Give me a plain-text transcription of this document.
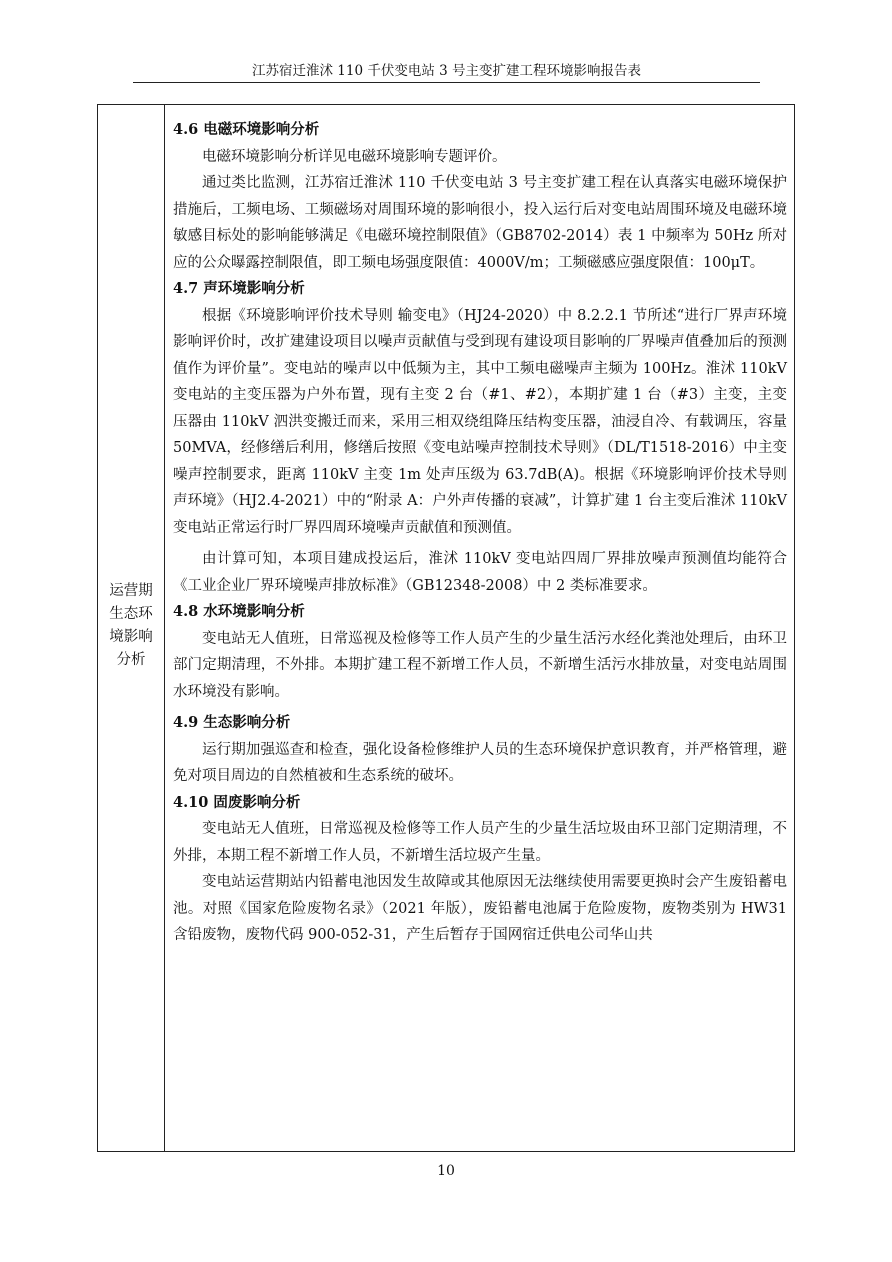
江苏宿迁淮沭 110 千伏变电站 3 号主变扩建工程环境影响报告表
运营期
生态环
境影响
分析

4.6 电磁环境影响分析

电磁环境影响分析详见电磁环境影响专题评价。

通过类比监测，江苏宿迁淮沭 110 千伏变电站 3 号主变扩建工程在认真落实电磁环境保护措施后，工频电场、工频磁场对周围环境的影响很小，投入运行后对变电站周围环境及电磁环境敏感目标处的影响能够满足《电磁环境控制限值》（GB8702-2014）表 1 中频率为 50Hz 所对应的公众曝露控制限值，即工频电场强度限值：4000V/m；工频磁感应强度限值：100μT。

4.7 声环境影响分析

根据《环境影响评价技术导则 输变电》（HJ24-2020）中 8.2.2.1 节所述“进行厂界声环境影响评价时，改扩建建设项目以噪声贡献值与受到现有建设项目影响的厂界噪声值叠加后的预测值作为评价量”。变电站的噪声以中低频为主，其中工频电磁噪声主频为 100Hz。淮沭 110kV 变电站的主变压器为户外布置，现有主变 2 台（#1、#2），本期扩建 1 台（#3）主变，主变压器由 110kV 泗洪变搬迁而来，采用三相双绕组降压结构变压器，油浸自冷、有载调压，容量 50MVA，经修缮后利用，修缮后按照《变电站噪声控制技术导则》（DL/T1518-2016）中主变噪声控制要求，距离 110kV 主变 1m 处声压级为 63.7dB(A)。根据《环境影响评价技术导则 声环境》（HJ2.4-2021）中的“附录 A：户外声传播的衰减”，计算扩建 1 台主变后淮沭 110kV 变电站正常运行时厂界四周环境噪声贡献值和预测值。

由计算可知，本项目建成投运后，淮沭 110kV 变电站四周厂界排放噪声预测值均能符合《工业企业厂界环境噪声排放标准》（GB12348-2008）中 2 类标准要求。

4.8 水环境影响分析

变电站无人值班，日常巡视及检修等工作人员产生的少量生活污水经化粪池处理后，由环卫部门定期清理，不外排。本期扩建工程不新增工作人员，不新增生活污水排放量，对变电站周围水环境没有影响。

4.9 生态影响分析

运行期加强巡查和检查，强化设备检修维护人员的生态环境保护意识教育，并严格管理，避免对项目周边的自然植被和生态系统的破坏。

4.10 固废影响分析

变电站无人值班，日常巡视及检修等工作人员产生的少量生活垃圾由环卫部门定期清理，不外排，本期工程不新增工作人员，不新增生活垃圾产生量。

变电站运营期站内铅蓄电池因发生故障或其他原因无法继续使用需要更换时会产生废铅蓄电池。对照《国家危险废物名录》（2021 年版），废铅蓄电池属于危险废物，废物类别为 HW31 含铅废物，废物代码 900-052-31，产生后暂存于国网宿迁供电公司华山共

10
